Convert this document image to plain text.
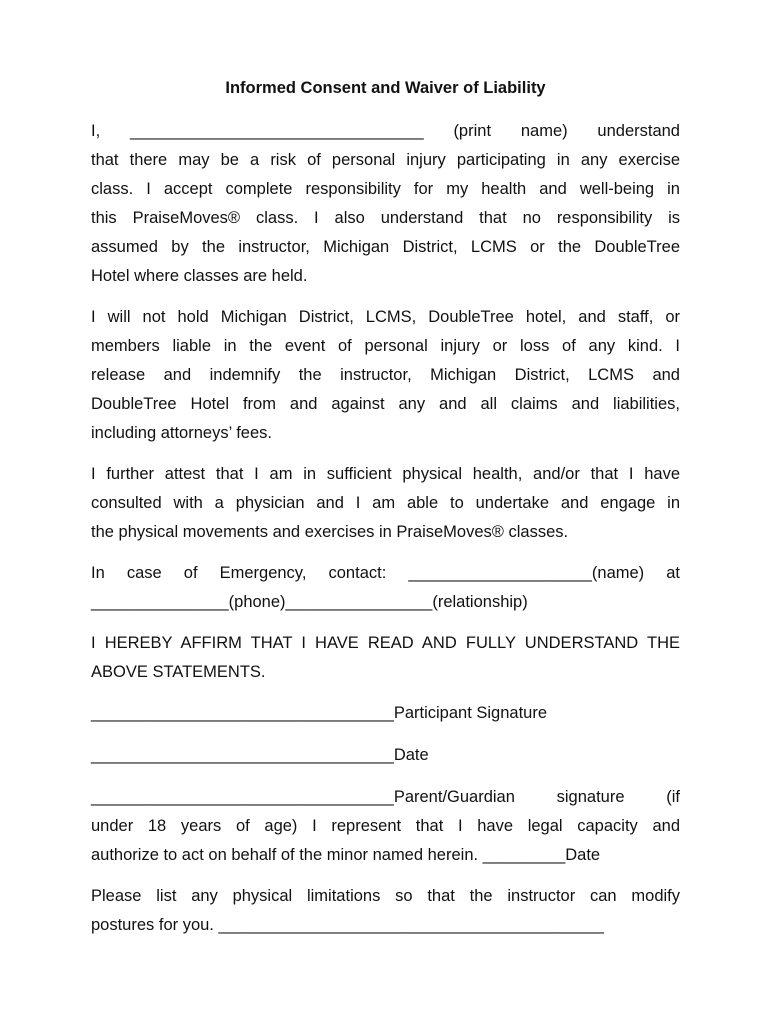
Informed Consent and Waiver of Liability
I, ________________________________ (print name) understand
that there may be a risk of personal injury participating in any exercise
class. I accept complete responsibility for my health and well-being in
this PraiseMoves® class. I also understand that no responsibility is
assumed by the instructor, Michigan District, LCMS or the DoubleTree
Hotel where classes are held.
I will not hold Michigan District, LCMS, DoubleTree hotel, and staff, or
members liable in the event of personal injury or loss of any kind. I
release and indemnify the instructor, Michigan District, LCMS and
DoubleTree Hotel from and against any and all claims and liabilities,
including attorneys’ fees.
I further attest that I am in sufficient physical health, and/or that I have
consulted with a physician and I am able to undertake and engage in
the physical movements and exercises in PraiseMoves® classes.
In case of Emergency, contact: ____________________(name) at
_______________(phone)________________(relationship)
I HEREBY AFFIRM THAT I HAVE READ AND FULLY UNDERSTAND THE
ABOVE STATEMENTS.
_________________________________Participant Signature
_________________________________Date
_________________________________Parent/Guardian signature (if
under 18 years of age) I represent that I have legal capacity and
authorize to act on behalf of the minor named herein. _________Date
Please list any physical limitations so that the instructor can modify
postures for you. __________________________________________
